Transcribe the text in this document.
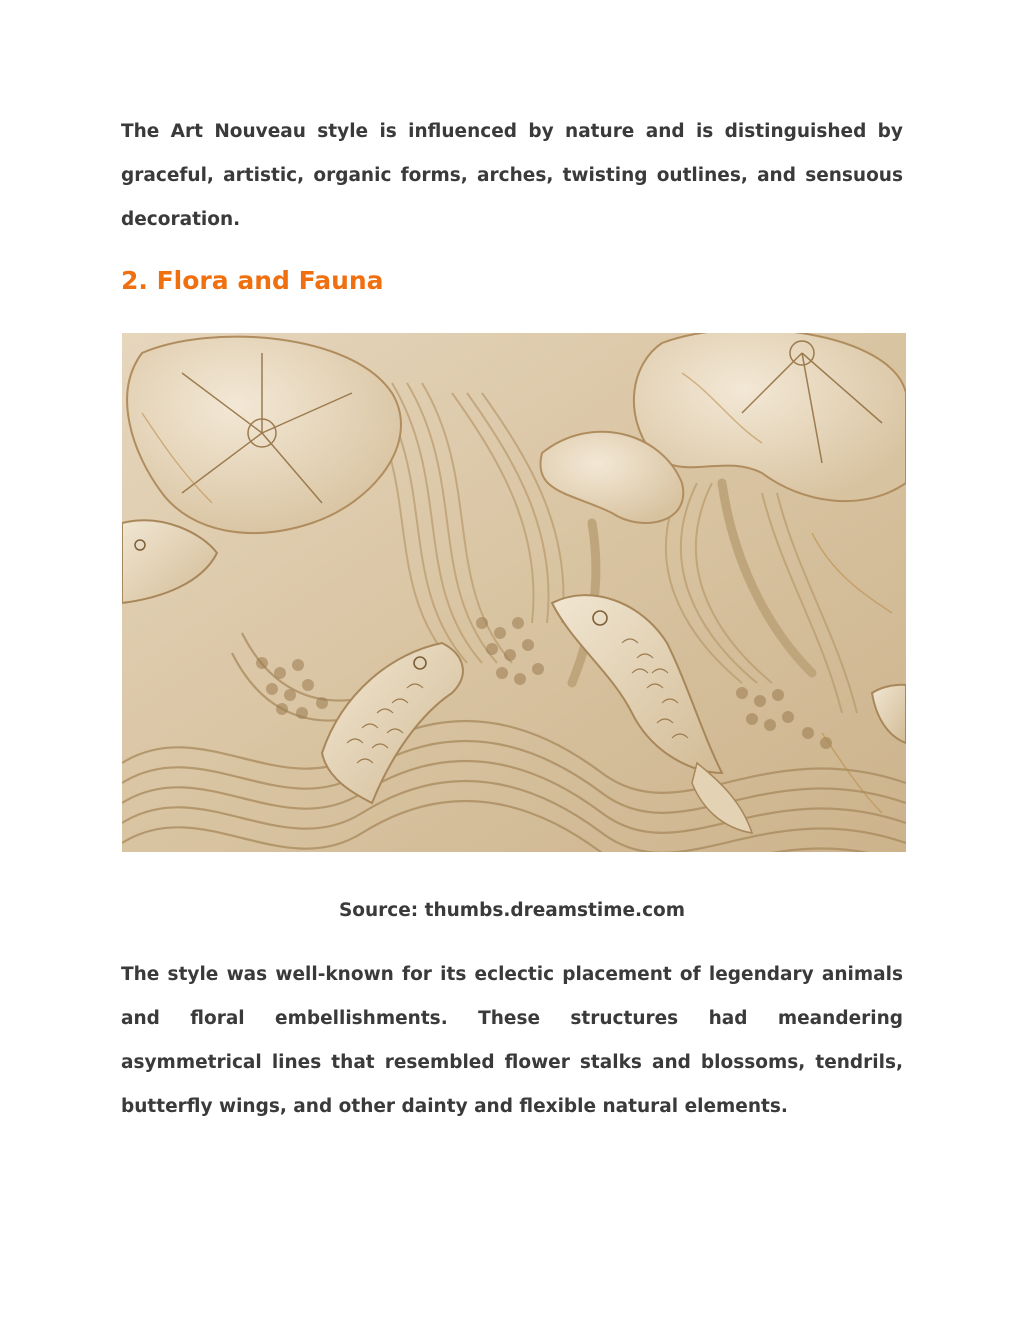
The Art Nouveau style is influenced by nature and is distinguished by graceful, artistic, organic forms, arches, twisting outlines, and sensuous decoration.

2. Flora and Fauna

Source: thumbs.dreamstime.com

The style was well-known for its eclectic placement of legendary animals and floral embellishments. These structures had meandering asymmetrical lines that resembled flower stalks and blossoms, tendrils, butterfly wings, and other dainty and flexible natural elements.
